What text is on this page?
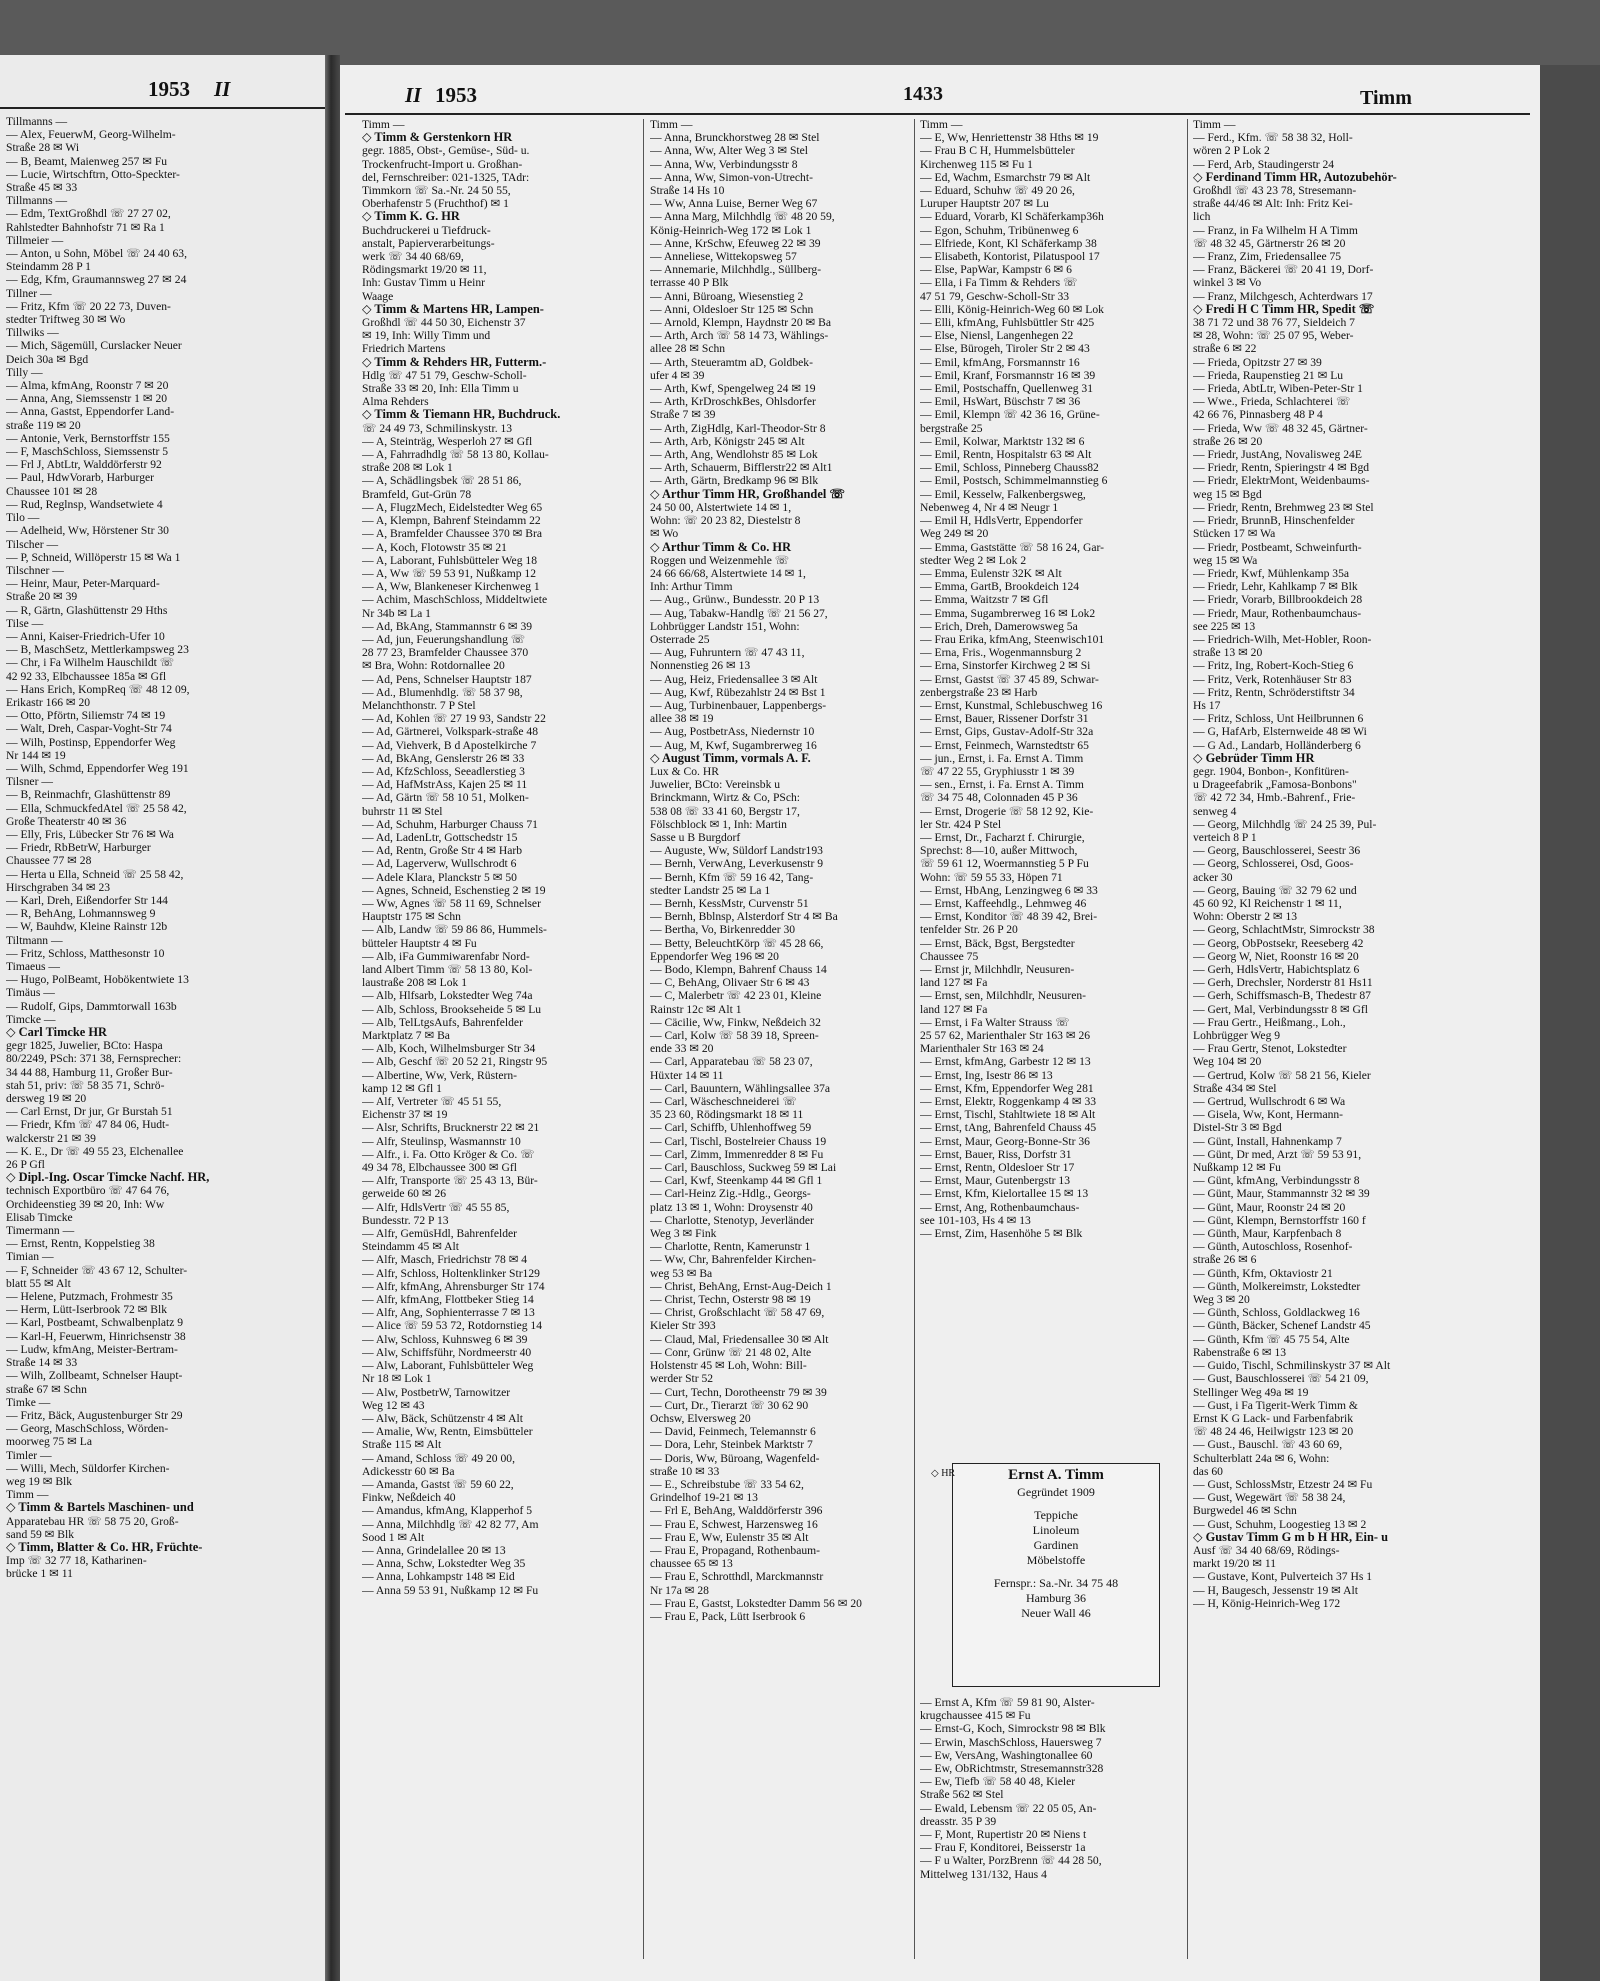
1953 II
Tillmanns —
— Alex, FeuerwM, Georg-Wilhelm-
Straße 28 ✉ Wi
— B, Beamt, Maienweg 257 ✉ Fu
— Lucie, Wirtschftrn, Otto-Speckter-
Straße 45 ✉ 33
Tillmanns —
— Edm, TextGroßhdl ☏ 27 27 02,
Rahlstedter Bahnhofstr 71 ✉ Ra 1
Tillmeier —
— Anton, u Sohn, Möbel ☏ 24 40 63,
Steindamm 28 P 1
— Edg, Kfm, Graumannsweg 27 ✉ 24
Tillner —
— Fritz, Kfm ☏ 20 22 73, Duven-
stedter Triftweg 30 ✉ Wo
Tillwiks —
— Mich, Sägemüll, Curslacker Neuer
Deich 30a ✉ Bgd
Tilly —
— Alma, kfmAng, Roonstr 7 ✉ 20
— Anna, Ang, Siemssenstr 1 ✉ 20
— Anna, Gastst, Eppendorfer Land-
straße 119 ✉ 20
— Antonie, Verk, Bernstorffstr 155
— F, MaschSchloss, Siemssenstr 5
— Frl J, AbtLtr, Walddörferstr 92
— Paul, HdwVorarb, Harburger
Chaussee 101 ✉ 28
— Rud, Reglnsp, Wandsetwiete 4
Tilo —
— Adelheid, Ww, Hörstener Str 30
Tilscher —
— P, Schneid, Willöperstr 15 ✉ Wa 1
Tilschner —
— Heinr, Maur, Peter-Marquard-
Straße 20 ✉ 39
— R, Gärtn, Glashüttenstr 29 Hths
Tilse —
— Anni, Kaiser-Friedrich-Ufer 10
— B, MaschSetz, Mettlerkampsweg 23
— Chr, i Fa Wilhelm Hauschildt ☏
42 92 33, Elbchaussee 185a ✉ Gfl
— Hans Erich, KompReq ☏ 48 12 09,
Erikastr 166 ✉ 20
— Otto, Pförtn, Siliemstr 74 ✉ 19
— Walt, Dreh, Caspar-Voght-Str 74
— Wilh, Postinsp, Eppendorfer Weg
Nr 144 ✉ 19
— Wilh, Schmd, Eppendorfer Weg 191
Tilsner —
— B, Reinmachfr, Glashüttenstr 89
— Ella, SchmuckfedAtel ☏ 25 58 42,
Große Theaterstr 40 ✉ 36
— Elly, Fris, Lübecker Str 76 ✉ Wa
— Friedr, RbBetrW, Harburger
Chaussee 77 ✉ 28
— Herta u Ella, Schneid ☏ 25 58 42,
Hirschgraben 34 ✉ 23
— Karl, Dreh, Eißendorfer Str 144
— R, BehAng, Lohmannsweg 9
— W, Bauhdw, Kleine Rainstr 12b
Tiltmann —
— Fritz, Schloss, Matthesonstr 10
Timaeus —
— Hugo, PolBeamt, Hobökentwiete 13
Timäus —
— Rudolf, Gips, Dammtorwall 163b
Timcke —
◇ Carl Timcke HR
gegr 1825, Juwelier, BCto: Haspa
80/2249, PSch: 371 38, Fernsprecher:
34 44 88, Hamburg 11, Großer Bur-
stah 51, priv: ☏ 58 35 71, Schrö-
dersweg 19 ✉ 20
— Carl Ernst, Dr jur, Gr Burstah 51
— Friedr, Kfm ☏ 47 84 06, Hudt-
walckerstr 21 ✉ 39
— K. E., Dr ☏ 49 55 23, Elchenallee
26 P Gfl
◇ Dipl.-Ing. Oscar Timcke Nachf. HR,
technisch Exportbüro ☏ 47 64 76,
Orchideenstieg 39 ✉ 20, Inh: Ww
Elisab Timcke
Timermann —
— Ernst, Rentn, Koppelstieg 38
Timian —
— F, Schneider ☏ 43 67 12, Schulter-
blatt 55 ✉ Alt
— Helene, Putzmach, Frohmestr 35
— Herm, Lütt-Iserbrook 72 ✉ Blk
— Karl, Postbeamt, Schwalbenplatz 9
— Karl-H, Feuerwm, Hinrichsenstr 38
— Ludw, kfmAng, Meister-Bertram-
Straße 14 ✉ 33
— Wilh, Zollbeamt, Schnelser Haupt-
straße 67 ✉ Schn
Timke —
— Fritz, Bäck, Augustenburger Str 29
— Georg, MaschSchloss, Wörden-
moorweg 75 ✉ La
Timler —
— Willi, Mech, Süldorfer Kirchen-
weg 19 ✉ Blk
Timm —
◇ Timm & Bartels Maschinen- und
Apparatebau HR ☏ 58 75 20, Groß-
sand 59 ✉ Blk
◇ Timm, Blatter & Co. HR, Früchte-
Imp ☏ 32 77 18, Katharinen-
brücke 1 ✉ 11
II 1953	1433	Timm
Timm —
◇ Timm & Gerstenkorn HR
gegr. 1885, Obst-, Gemüse-, Süd- u.
Trockenfrucht-Import u. Großhan-
del, Fernschreiber: 021-1325, TAdr:
Timmkorn ☏ Sa.-Nr. 24 50 55,
Oberhafenstr 5 (Fruchthof) ✉ 1
◇ Timm K. G. HR
Buchdruckerei u Tiefdruck-
anstalt, Papierverarbeitungs-
werk ☏ 34 40 68/69,
Rödingsmarkt 19/20 ✉ 11,
Inh: Gustav Timm u Heinr
Waage
◇ Timm & Martens HR, Lampen-
Großhdl ☏ 44 50 30, Eichenstr 37
✉ 19, Inh: Willy Timm und
Friedrich Martens
◇ Timm & Rehders HR, Futterm.-
Hdlg ☏ 47 51 79, Geschw-Scholl-
Straße 33 ✉ 20, Inh: Ella Timm u
Alma Rehders
◇ Timm & Tiemann HR, Buchdruck.
☏ 24 49 73, Schmilinskystr. 13
— A, Steinträg, Wesperloh 27 ✉ Gfl
— A, Fahrradhdlg ☏ 58 13 80, Kollau-
straße 208 ✉ Lok 1
— A, Schädlingsbek ☏ 28 51 86,
Bramfeld, Gut-Grün 78
— A, FlugzMech, Eidelstedter Weg 65
— A, Klempn, Bahrenf Steindamm 22
— A, Bramfelder Chaussee 370 ✉ Bra
— A, Koch, Flotowstr 35 ✉ 21
— A, Laborant, Fuhlsbütteler Weg 18
— A, Ww ☏ 59 53 91, Nußkamp 12
— A, Ww, Blankeneser Kirchenweg 1
— Achim, MaschSchloss, Middeltwiete
Nr 34b ✉ La 1
— Ad, BkAng, Stammannstr 6 ✉ 39
— Ad, jun, Feuerungshandlung ☏
28 77 23, Bramfelder Chaussee 370
✉ Bra, Wohn: Rotdornallee 20
— Ad, Pens, Schnelser Hauptstr 187
— Ad., Blumenhdlg. ☏ 58 37 98,
Melanchthonstr. 7 P Stel
— Ad, Kohlen ☏ 27 19 93, Sandstr 22
— Ad, Gärtnerei, Volkspark-straße 48
— Ad, Viehverk, B d Apostelkirche 7
— Ad, BkAng, Genslerstr 26 ✉ 33
— Ad, KfzSchloss, Seeadlerstieg 3
— Ad, HafMstrAss, Kajen 25 ✉ 11
— Ad, Gärtn ☏ 58 10 51, Molken-
buhrstr 11 ✉ Stel
— Ad, Schuhm, Harburger Chauss 71
— Ad, LadenLtr, Gottschedstr 15
— Ad, Rentn, Große Str 4 ✉ Harb
— Ad, Lagerverw, Wullschrodt 6
— Adele Klara, Planckstr 5 ✉ 50
— Agnes, Schneid, Eschenstieg 2 ✉ 19
— Ww, Agnes ☏ 58 11 69, Schnelser
Hauptstr 175 ✉ Schn
— Alb, Landw ☏ 59 86 86, Hummels-
bütteler Hauptstr 4 ✉ Fu
— Alb, iFa Gummiwarenfabr Nord-
land Albert Timm ☏ 58 13 80, Kol-
laustraße 208 ✉ Lok 1
— Alb, Hlfsarb, Lokstedter Weg 74a
— Alb, Schloss, Brookseheide 5 ✉ Lu
— Alb, TelLtgsAufs, Bahrenfelder
Marktplatz 7 ✉ Ba
— Alb, Koch, Wilhelmsburger Str 34
— Alb, Geschf ☏ 20 52 21, Ringstr 95
— Albertine, Ww, Verk, Rüstern-
kamp 12 ✉ Gfl 1
— Alf, Vertreter ☏ 45 51 55,
Eichenstr 37 ✉ 19
— Alsr, Schrifts, Brucknerstr 22 ✉ 21
— Alfr, Steulinsp, Wasmannstr 10
— Alfr., i. Fa. Otto Kröger & Co. ☏
49 34 78, Elbchaussee 300 ✉ Gfl
— Alfr, Transporte ☏ 25 43 13, Bür-
gerweide 60 ✉ 26
— Alfr, HdlsVertr ☏ 45 55 85,
Bundesstr. 72 P 13
— Alfr, GemüsHdl, Bahrenfelder
Steindamm 45 ✉ Alt
— Alfr, Masch, Friedrichstr 78 ✉ 4
— Alfr, Schloss, Holtenklinker Str129
— Alfr, kfmAng, Ahrensburger Str 174
— Alfr, kfmAng, Flottbeker Stieg 14
— Alfr, Ang, Sophienterrasse 7 ✉ 13
— Alice ☏ 59 53 72, Rotdornstieg 14
— Alw, Schloss, Kuhnsweg 6 ✉ 39
— Alw, Schiffsführ, Nordmeerstr 40
— Alw, Laborant, Fuhlsbütteler Weg
Nr 18 ✉ Lok 1
— Alw, PostbetrW, Tarnowitzer
Weg 12 ✉ 43
— Alw, Bäck, Schützenstr 4 ✉ Alt
— Amalie, Ww, Rentn, Eimsbütteler
Straße 115 ✉ Alt
— Amand, Schloss ☏ 49 20 00,
Adickesstr 60 ✉ Ba
— Amanda, Gastst ☏ 59 60 22,
Finkw, Neßdeich 40
— Amandus, kfmAng, Klapperhof 5
— Anna, Milchhdlg ☏ 42 82 77, Am
Sood 1 ✉ Alt
— Anna, Grindelallee 20 ✉ 13
— Anna, Schw, Lokstedter Weg 35
— Anna, Lohkampstr 148 ✉ Eid
— Anna 59 53 91, Nußkamp 12 ✉ Fu
Timm —
— Anna, Brunckhorstweg 28 ✉ Stel
— Anna, Ww, Alter Weg 3 ✉ Stel
— Anna, Ww, Verbindungsstr 8
— Anna, Ww, Simon-von-Utrecht-
Straße 14 Hs 10
— Ww, Anna Luise, Berner Weg 67
— Anna Marg, Milchhdlg ☏ 48 20 59,
König-Heinrich-Weg 172 ✉ Lok 1
— Anne, KrSchw, Efeuweg 22 ✉ 39
— Anneliese, Wittekopsweg 57
— Annemarie, Milchhdlg., Süllberg-
terrasse 40 P Blk
— Anni, Büroang, Wiesenstieg 2
— Anni, Oldesloer Str 125 ✉ Schn
— Arnold, Klempn, Haydnstr 20 ✉ Ba
— Arth, Arch ☏ 58 14 73, Wählings-
allee 28 ✉ Schn
— Arth, Steueramtm aD, Goldbek-
ufer 4 ✉ 39
— Arth, Kwf, Spengelweg 24 ✉ 19
— Arth, KrDroschkBes, Ohlsdorfer
Straße 7 ✉ 39
— Arth, ZigHdlg, Karl-Theodor-Str 8
— Arth, Arb, Königstr 245 ✉ Alt
— Arth, Ang, Wendlohstr 85 ✉ Lok
— Arth, Schauerm, Bifflerstr22 ✉ Alt1
— Arth, Gärtn, Bredkamp 96 ✉ Blk
◇ Arthur Timm HR, Großhandel ☏
24 50 00, Alstertwiete 14 ✉ 1,
Wohn: ☏ 20 23 82, Diestelstr 8
✉ Wo
◇ Arthur Timm & Co. HR
Roggen und Weizenmehle ☏
24 66 66/68, Alstertwiete 14 ✉ 1,
Inh: Arthur Timm
— Aug., Grünw., Bundesstr. 20 P 13
— Aug, Tabakw-Handlg ☏ 21 56 27,
Lohbrügger Landstr 151, Wohn:
Osterrade 25
— Aug, Fuhruntern ☏ 47 43 11,
Nonnenstieg 26 ✉ 13
— Aug, Heiz, Friedensallee 3 ✉ Alt
— Aug, Kwf, Rübezahlstr 24 ✉ Bst 1
— Aug, Turbinenbauer, Lappenbergs-
allee 38 ✉ 19
— Aug, PostbetrAss, Niedernstr 10
— Aug, M, Kwf, Sugambrerweg 16
◇ August Timm, vormals A. F.
Lux & Co. HR
Juwelier, BCto: Vereinsbk u
Brinckmann, Wirtz & Co, PSch:
538 08 ☏ 33 41 60, Bergstr 17,
Fölschblock ✉ 1, Inh: Martin
Sasse u B Burgdorf
— Auguste, Ww, Süldorf Landstr193
— Bernh, VerwAng, Leverkusenstr 9
— Bernh, Kfm ☏ 59 16 42, Tang-
stedter Landstr 25 ✉ La 1
— Bernh, KessMstr, Curvenstr 51
— Bernh, Bblnsp, Alsterdorf Str 4 ✉ Ba
— Bertha, Vo, Birkenredder 30
— Betty, BeleuchtKörp ☏ 45 28 66,
Eppendorfer Weg 196 ✉ 20
— Bodo, Klempn, Bahrenf Chauss 14
— C, BehAng, Olivaer Str 6 ✉ 43
— C, Malerbetr ☏ 42 23 01, Kleine
Rainstr 12c ✉ Alt 1
— Cäcilie, Ww, Finkw, Neßdeich 32
— Carl, Kolw ☏ 58 39 18, Spreen-
ende 33 ✉ 20
— Carl, Apparatebau ☏ 58 23 07,
Hüxter 14 ✉ 11
— Carl, Bauuntern, Wählingsallee 37a
— Carl, Wäscheschneiderei ☏
35 23 60, Rödingsmarkt 18 ✉ 11
— Carl, Schiffb, Uhlenhoffweg 59
— Carl, Tischl, Bostelreier Chauss 19
— Carl, Zimm, Immenredder 8 ✉ Fu
— Carl, Bauschloss, Suckweg 59 ✉ Lai
— Carl, Kwf, Steenkamp 44 ✉ Gfl 1
— Carl-Heinz Zig.-Hdlg., Georgs-
platz 13 ✉ 1, Wohn: Droysenstr 40
— Charlotte, Stenotyp, Jeverländer
Weg 3 ✉ Fink
— Charlotte, Rentn, Kamerunstr 1
— Ww, Chr, Bahrenfelder Kirchen-
weg 53 ✉ Ba
— Christ, BehAng, Ernst-Aug-Deich 1
— Christ, Techn, Osterstr 98 ✉ 19
— Christ, Großschlacht ☏ 58 47 69,
Kieler Str 393
— Claud, Mal, Friedensallee 30 ✉ Alt
— Conr, Grünw ☏ 21 48 02, Alte
Holstenstr 45 ✉ Loh, Wohn: Bill-
werder Str 52
— Curt, Techn, Dorotheenstr 79 ✉ 39
— Curt, Dr., Tierarzt ☏ 30 62 90
Ochsw, Elversweg 20
— David, Feinmech, Telemannstr 6
— Dora, Lehr, Steinbek Marktstr 7
— Doris, Ww, Büroang, Wagenfeld-
straße 10 ✉ 33
— E., Schreibstube ☏ 33 54 62,
Grindelhof 19-21 ✉ 13
— Frl E, BehAng, Walddörferstr 396
— Frau E, Schwest, Harzensweg 16
— Frau E, Ww, Eulenstr 35 ✉ Alt
— Frau E, Propagand, Rothenbaum-
chaussee 65 ✉ 13
— Frau E, Schrotthdl, Marckmannstr
Nr 17a ✉ 28
— Frau E, Gastst, Lokstedter Damm 56 ✉ 20
— Frau E, Pack, Lütt Iserbrook 6
Timm —
— E, Ww, Henriettenstr 38 Hths ✉ 19
— Frau B C H, Hummelsbütteler
Kirchenweg 115 ✉ Fu 1
— Ed, Wachm, Esmarchstr 79 ✉ Alt
— Eduard, Schuhw ☏ 49 20 26,
Luruper Hauptstr 207 ✉ Lu
— Eduard, Vorarb, Kl Schäferkamp36h
— Egon, Schuhm, Tribünenweg 6
— Elfriede, Kont, Kl Schäferkamp 38
— Elisabeth, Kontorist, Pilatuspool 17
— Else, PapWar, Kampstr 6 ✉ 6
— Ella, i Fa Timm & Rehders ☏
47 51 79, Geschw-Scholl-Str 33
— Elli, König-Heinrich-Weg 60 ✉ Lok
— Elli, kfmAng, Fuhlsbüttler Str 425
— Else, Niensl, Langenhegen 22
— Else, Bürogeh, Tiroler Str 2 ✉ 43
— Emil, kfmAng, Forsmannstr 16
— Emil, Kranf, Forsmannstr 16 ✉ 39
— Emil, Postschaffn, Quellenweg 31
— Emil, HsWart, Büschstr 7 ✉ 36
— Emil, Klempn ☏ 42 36 16, Grüne-
bergstraße 25
— Emil, Kolwar, Marktstr 132 ✉ 6
— Emil, Rentn, Hospitalstr 63 ✉ Alt
— Emil, Schloss, Pinneberg Chauss82
— Emil, Postsch, Schimmelmannstieg 6
— Emil, Kesselw, Falkenbergsweg,
Nebenweg 4, Nr 4 ✉ Neugr 1
— Emil H, HdlsVertr, Eppendorfer
Weg 249 ✉ 20
— Emma, Gaststätte ☏ 58 16 24, Gar-
stedter Weg 2 ✉ Lok 2
— Emma, Eulenstr 32K ✉ Alt
— Emma, GartB, Brookdeich 124
— Emma, Waitzstr 7 ✉ Gfl
— Emma, Sugambrerweg 16 ✉ Lok2
— Erich, Dreh, Damerowsweg 5a
— Frau Erika, kfmAng, Steenwisch101
— Erna, Fris., Wogenmannsburg 2
— Erna, Sinstorfer Kirchweg 2 ✉ Si
— Ernst, Gastst ☏ 37 45 89, Schwar-
zenbergstraße 23 ✉ Harb
— Ernst, Kunstmal, Schlebuschweg 16
— Ernst, Bauer, Rissener Dorfstr 31
— Ernst, Gips, Gustav-Adolf-Str 32a
— Ernst, Feinmech, Warnstedtstr 65
— jun., Ernst, i. Fa. Ernst A. Timm
☏ 47 22 55, Gryphiusstr 1 ✉ 39
— sen., Ernst, i. Fa. Ernst A. Timm
☏ 34 75 48, Colonnaden 45 P 36
— Ernst, Drogerie ☏ 58 12 92, Kie-
ler Str. 424 P Stel
— Ernst, Dr., Facharzt f. Chirurgie,
Sprechst: 8—10, außer Mittwoch,
☏ 59 61 12, Woermannstieg 5 P Fu
Wohn: ☏ 59 55 33, Höpen 71
— Ernst, HbAng, Lenzingweg 6 ✉ 33
— Ernst, Kaffeehdlg., Lehmweg 46
— Ernst, Konditor ☏ 48 39 42, Brei-
tenfelder Str. 26 P 20
— Ernst, Bäck, Bgst, Bergstedter
Chaussee 75
— Ernst jr, Milchhdlr, Neusuren-
land 127 ✉ Fa
— Ernst, sen, Milchhdlr, Neusuren-
land 127 ✉ Fa
— Ernst, i Fa Walter Strauss ☏
25 57 62, Marienthaler Str 163 ✉ 26
Marienthaler Str 163 ✉ 24
— Ernst, kfmAng, Garbestr 12 ✉ 13
— Ernst, Ing, Isestr 86 ✉ 13
— Ernst, Kfm, Eppendorfer Weg 281
— Ernst, Elektr, Roggenkamp 4 ✉ 33
— Ernst, Tischl, Stahltwiete 18 ✉ Alt
— Ernst, tAng, Bahrenfeld Chauss 45
— Ernst, Maur, Georg-Bonne-Str 36
— Ernst, Bauer, Riss, Dorfstr 31
— Ernst, Rentn, Oldesloer Str 17
— Ernst, Maur, Gutenbergstr 13
— Ernst, Kfm, Kielortallee 15 ✉ 13
— Ernst, Ang, Rothenbaumchaus-
see 101-103, Hs 4 ✉ 13
— Ernst, Zim, Hasenhöhe 5 ✉ Blk
◇ HR	Ernst A. Timm
Gegründet 1909
Teppiche
Linoleum
Gardinen
Möbelstoffe
Fernspr.: Sa.-Nr. 34 75 48
Hamburg 36
Neuer Wall 46
— Ernst A, Kfm ☏ 59 81 90, Alster-
krugchaussee 415 ✉ Fu
— Ernst-G, Koch, Simrockstr 98 ✉ Blk
— Erwin, MaschSchloss, Hauersweg 7
— Ew, VersAng, Washingtonallee 60
— Ew, ObRichtmstr, Stresemannstr328
— Ew, Tiefb ☏ 58 40 48, Kieler
Straße 562 ✉ Stel
— Ewald, Lebensm ☏ 22 05 05, An-
dreasstr. 35 P 39
— F, Mont, Rupertistr 20 ✉ Niens t
— Frau F, Konditorei, Beisserstr 1a
— F u Walter, PorzBrenn ☏ 44 28 50,
Mittelweg 131/132, Haus 4
Timm —
— Ferd., Kfm. ☏ 58 38 32, Holl-
wören 2 P Lok 2
— Ferd, Arb, Staudingerstr 24
◇ Ferdinand Timm HR, Autozubehör-
Großhdl ☏ 43 23 78, Stresemann-
straße 44/46 ✉ Alt: Inh: Fritz Kei-
lich
— Franz, in Fa Wilhelm H A Timm
☏ 48 32 45, Gärtnerstr 26 ✉ 20
— Franz, Zim, Friedensallee 75
— Franz, Bäckerei ☏ 20 41 19, Dorf-
winkel 3 ✉ Vo
— Franz, Milchgesch, Achterdwars 17
◇ Fredi H C Timm HR, Spedit ☏
38 71 72 und 38 76 77, Sieldeich 7
✉ 28, Wohn: ☏ 25 07 95, Weber-
straße 6 ✉ 22
— Frieda, Opitzstr 27 ✉ 39
— Frieda, Raupenstieg 21 ✉ Lu
— Frieda, AbtLtr, Wiben-Peter-Str 1
— Wwe., Frieda, Schlachterei ☏
42 66 76, Pinnasberg 48 P 4
— Frieda, Ww ☏ 48 32 45, Gärtner-
straße 26 ✉ 20
— Friedr, JustAng, Novalisweg 24E
— Friedr, Rentn, Spieringstr 4 ✉ Bgd
— Friedr, ElektrMont, Weidenbaums-
weg 15 ✉ Bgd
— Friedr, Rentn, Brehmweg 23 ✉ Stel
— Friedr, BrunnB, Hinschenfelder
Stücken 17 ✉ Wa
— Friedr, Postbeamt, Schweinfurth-
weg 15 ✉ Wa
— Friedr, Kwf, Mühlenkamp 35a
— Friedr, Lehr, Kahlkamp 7 ✉ Blk
— Friedr, Vorarb, Billbrookdeich 28
— Friedr, Maur, Rothenbaumchaus-
see 225 ✉ 13
— Friedrich-Wilh, Met-Hobler, Roon-
straße 13 ✉ 20
— Fritz, Ing, Robert-Koch-Stieg 6
— Fritz, Verk, Rotenhäuser Str 83
— Fritz, Rentn, Schröderstiftstr 34
Hs 17
— Fritz, Schloss, Unt Heilbrunnen 6
— G, HafArb, Elsternweide 48 ✉ Wi
— G Ad., Landarb, Holländerberg 6
◇ Gebrüder Timm HR
gegr. 1904, Bonbon-, Konfitüren-
u Drageefabrik „Famosa-Bonbons"
☏ 42 72 34, Hmb.-Bahrenf., Frie-
senweg 4
— Georg, Milchhdlg ☏ 24 25 39, Pul-
verteich 8 P 1
— Georg, Bauschlosserei, Seestr 36
— Georg, Schlosserei, Osd, Goos-
acker 30
— Georg, Bauing ☏ 32 79 62 und
45 60 92, Kl Reichenstr 1 ✉ 11,
Wohn: Oberstr 2 ✉ 13
— Georg, SchlachtMstr, Simrockstr 38
— Georg, ObPostsekr, Reeseberg 42
— Georg W, Niet, Roonstr 16 ✉ 20
— Gerh, HdlsVertr, Habichtsplatz 6
— Gerh, Drechsler, Norderstr 81 Hs11
— Gerh, Schiffsmasch-B, Thedestr 87
— Gert, Mal, Verbindungsstr 8 ✉ Gfl
— Frau Gertr., Heißmang., Loh.,
Lohbrügger Weg 9
— Frau Gertr, Stenot, Lokstedter
Weg 104 ✉ 20
— Gertrud, Kolw ☏ 58 21 56, Kieler
Straße 434 ✉ Stel
— Gertrud, Wullschrodt 6 ✉ Wa
— Gisela, Ww, Kont, Hermann-
Distel-Str 3 ✉ Bgd
— Günt, Install, Hahnenkamp 7
— Günt, Dr med, Arzt ☏ 59 53 91,
Nußkamp 12 ✉ Fu
— Günt, kfmAng, Verbindungsstr 8
— Günt, Maur, Stammannstr 32 ✉ 39
— Günt, Maur, Roonstr 24 ✉ 20
— Günt, Klempn, Bernstorffstr 160 f
— Günth, Maur, Karpfenbach 8
— Günth, Autoschloss, Rosenhof-
straße 26 ✉ 6
— Günth, Kfm, Oktaviostr 21
— Günth, Molkereimstr, Lokstedter
Weg 3 ✉ 20
— Günth, Schloss, Goldlackweg 16
— Günth, Bäcker, Schenef Landstr 45
— Günth, Kfm ☏ 45 75 54, Alte
Rabenstraße 6 ✉ 13
— Guido, Tischl, Schmilinskystr 37 ✉ Alt
— Gust, Bauschlosserei ☏ 54 21 09,
Stellinger Weg 49a ✉ 19
— Gust, i Fa Tigerit-Werk Timm &
Ernst K G Lack- und Farbenfabrik
☏ 48 24 46, Heilwigstr 123 ✉ 20
— Gust., Bauschl. ☏ 43 60 69,
Schulterblatt 24a ✉ 6, Wohn:
das 60
— Gust, SchlossMstr, Etzestr 24 ✉ Fu
— Gust, Wegewärt ☏ 58 38 24,
Burgwedel 46 ✉ Schn
— Gust, Schuhm, Loogestieg 13 ✉ 2
◇ Gustav Timm G m b H HR, Ein- u
Ausf ☏ 34 40 68/69, Rödings-
markt 19/20 ✉ 11
— Gustave, Kont, Pulverteich 37 Hs 1
— H, Baugesch, Jessenstr 19 ✉ Alt
— H, König-Heinrich-Weg 172
